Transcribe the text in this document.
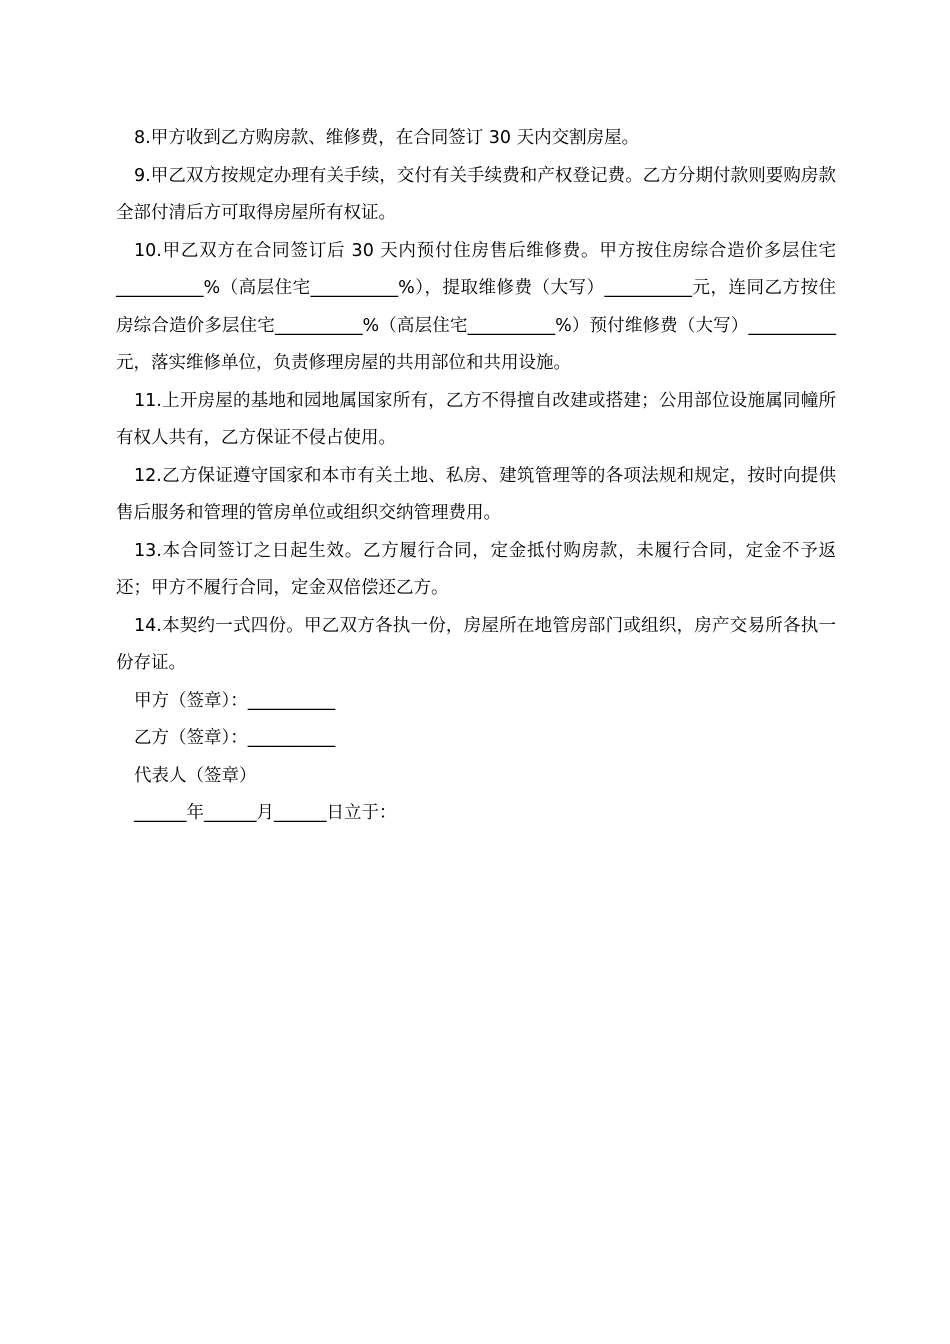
8.甲方收到乙方购房款、维修费，在合同签订 30 天内交割房屋。

9.甲乙双方按规定办理有关手续，交付有关手续费和产权登记费。乙方分期付款则要购房款全部付清后方可取得房屋所有权证。

10.甲乙双方在合同签订后 30 天内预付住房售后维修费。甲方按住房综合造价多层住宅__________%（高层住宅__________%），提取维修费（大写）__________元，连同乙方按住房综合造价多层住宅__________%（高层住宅__________%）预付维修费（大写）__________元，落实维修单位，负责修理房屋的共用部位和共用设施。

11.上开房屋的基地和园地属国家所有，乙方不得擅自改建或搭建；公用部位设施属同幢所有权人共有，乙方保证不侵占使用。

12.乙方保证遵守国家和本市有关土地、私房、建筑管理等的各项法规和规定，按时向提供售后服务和管理的管房单位或组织交纳管理费用。

13.本合同签订之日起生效。乙方履行合同，定金抵付购房款，未履行合同，定金不予返还；甲方不履行合同，定金双倍偿还乙方。

14.本契约一式四份。甲乙双方各执一份，房屋所在地管房部门或组织，房产交易所各执一份存证。

甲方（签章）：__________

乙方（签章）：__________

代表人（签章）

______年______月______日立于：
